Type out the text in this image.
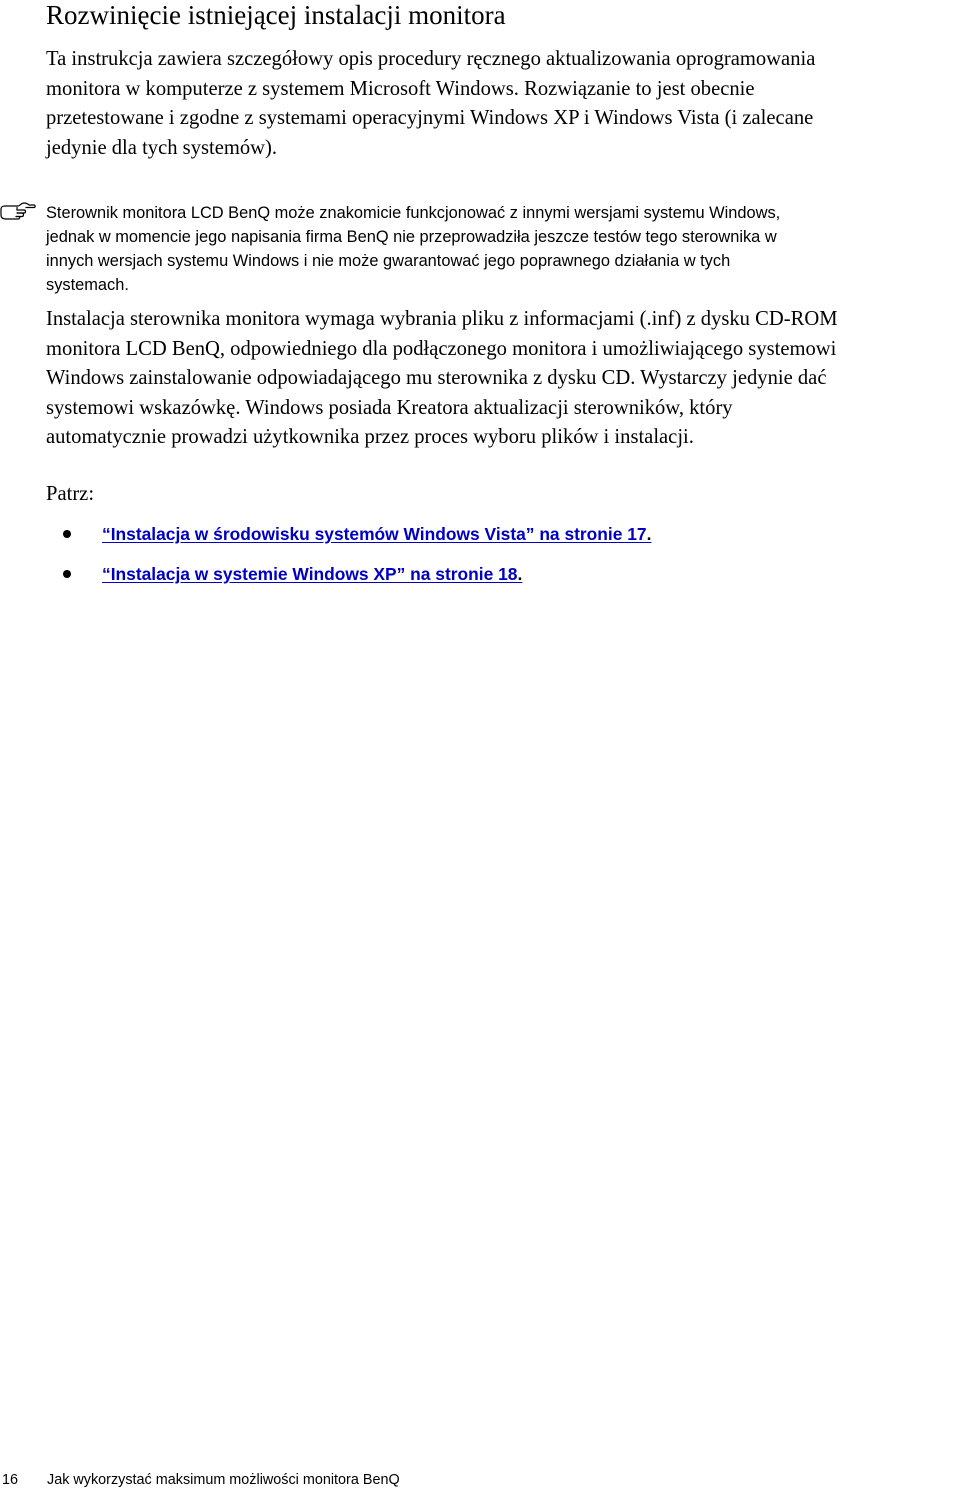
Rozwinięcie istniejącej instalacji monitora

Ta instrukcja zawiera szczegółowy opis procedury ręcznego aktualizowania oprogramowania
monitora w komputerze z systemem Microsoft Windows. Rozwiązanie to jest obecnie
przetestowane i zgodne z systemami operacyjnymi Windows XP i Windows Vista (i zalecane
jedynie dla tych systemów).

Sterownik monitora LCD BenQ może znakomicie funkcjonować z innymi wersjami systemu Windows,
jednak w momencie jego napisania firma BenQ nie przeprowadziła jeszcze testów tego sterownika w
innych wersjach systemu Windows i nie może gwarantować jego poprawnego działania w tych
systemach.

Instalacja sterownika monitora wymaga wybrania pliku z informacjami (.inf) z dysku CD-ROM
monitora LCD BenQ, odpowiedniego dla podłączonego monitora i umożliwiającego systemowi
Windows zainstalowanie odpowiadającego mu sterownika z dysku CD. Wystarczy jedynie dać
systemowi wskazówkę. Windows posiada Kreatora aktualizacji sterowników, który
automatycznie prowadzi użytkownika przez proces wyboru plików i instalacji.

Patrz:
“Instalacja w środowisku systemów Windows Vista” na stronie 17.
“Instalacja w systemie Windows XP” na stronie 18.
16 Jak wykorzystać maksimum możliwości monitora BenQ
